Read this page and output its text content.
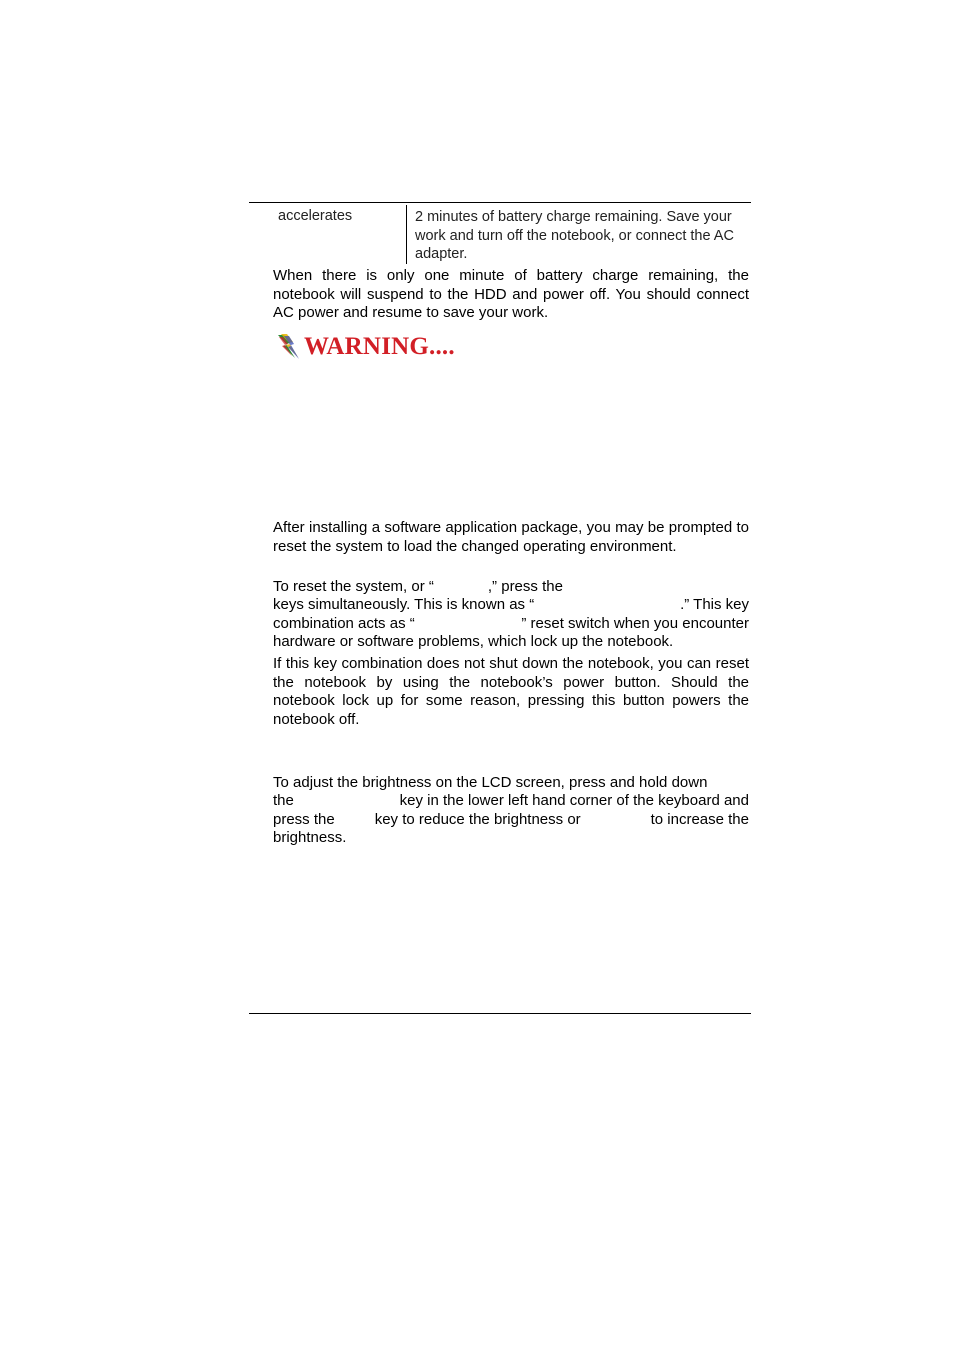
accelerates	2 minutes of battery charge remaining. Save your work and turn off the notebook, or connect the AC adapter.
When there is only one minute of battery charge remaining, the notebook will suspend to the HDD and power off. You should connect AC power and resume to save your work.
WARNING....
After installing a software application package, you may be prompted to reset the system to load the changed operating environment.
To reset the system, or “	,” press the
keys simultaneously. This is known as “	.” This key
combination acts as “	” reset switch when you encounter
hardware or software problems, which lock up the notebook.
If this key combination does not shut down the notebook, you can reset the notebook by using the notebook’s power button. Should the notebook lock up for some reason, pressing this button powers the notebook off.
To adjust the brightness on the LCD screen, press and hold down
the	key in the lower left hand corner of the keyboard and
press the	key to reduce the brightness or	to increase the
brightness.
